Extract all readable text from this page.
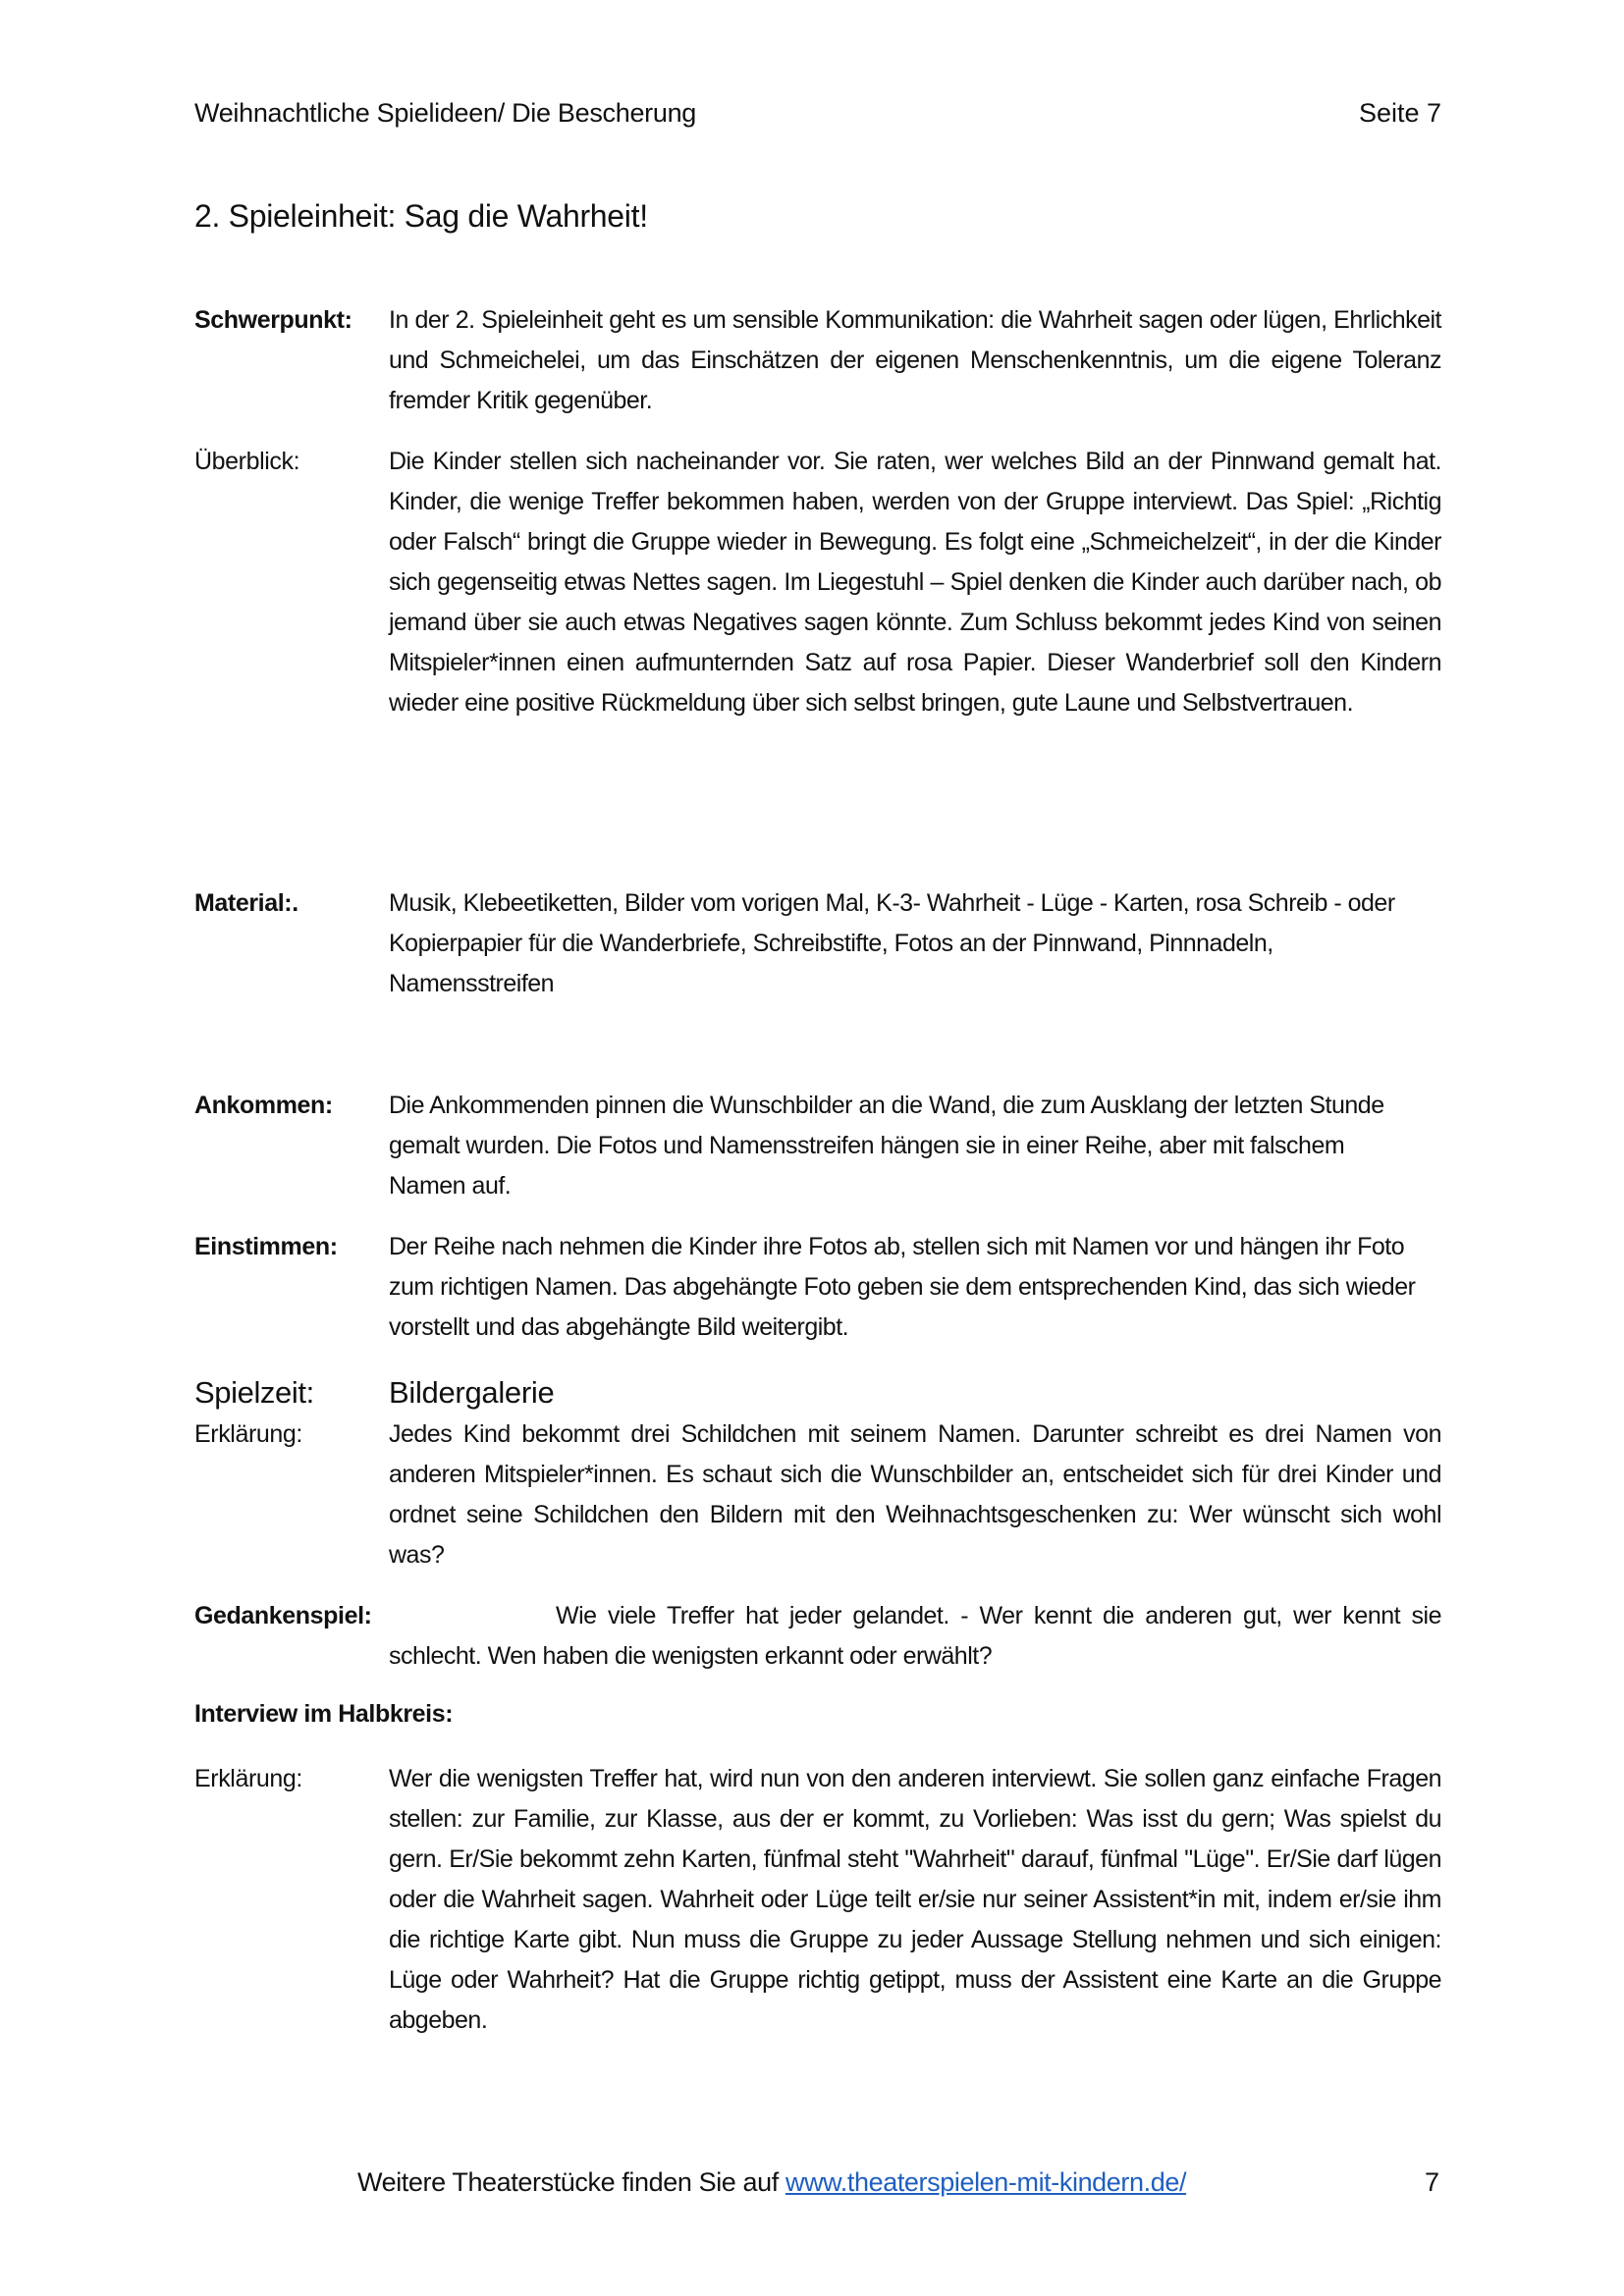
Weihnachtliche Spielideen/ Die Bescherung	Seite 7
2. Spieleinheit: Sag die Wahrheit!
Schwerpunkt: In der 2. Spieleinheit geht es um sensible Kommunikation: die Wahrheit sagen oder lügen, Ehrlichkeit und Schmeichelei, um das Einschätzen der eigenen Menschenkenntnis, um die eigene Toleranz fremder Kritik gegenüber.
Überblick:	Die Kinder stellen sich nacheinander vor. Sie raten, wer welches Bild an der Pinnwand gemalt hat. Kinder, die wenige Treffer bekommen haben, werden von der Gruppe interviewt. Das Spiel: „Richtig oder Falsch“ bringt die Gruppe wieder in Bewegung. Es folgt eine „Schmeichelzeit“, in der die Kinder sich gegenseitig etwas Nettes sagen. Im Liegestuhl – Spiel denken die Kinder auch darüber nach, ob jemand über sie auch etwas Negatives sagen könnte. Zum Schluss bekommt jedes Kind von seinen Mitspieler*innen einen aufmunternden Satz auf rosa Papier. Dieser Wanderbrief soll den Kindern wieder eine positive Rückmeldung über sich selbst bringen, gute Laune und Selbstvertrauen.
Material:.	Musik, Klebeetiketten, Bilder vom vorigen Mal, K-3- Wahrheit - Lüge - Karten, rosa Schreib - oder Kopierpapier für die Wanderbriefe, Schreibstifte, Fotos an der Pinnwand, Pinnnadeln, Namensstreifen
Ankommen: Die Ankommenden pinnen die Wunschbilder an die Wand, die zum Ausklang der letzten Stunde gemalt wurden. Die Fotos und Namensstreifen hängen sie in einer Reihe, aber mit falschem Namen auf.
Einstimmen: Der Reihe nach nehmen die Kinder ihre Fotos ab, stellen sich mit Namen vor und hängen ihr Foto zum richtigen Namen. Das abgehängte Foto geben sie dem entsprechenden Kind, das sich wieder vorstellt und das abgehängte Bild weitergibt.
Spielzeit: Bildergalerie
Erklärung:	Jedes Kind bekommt drei Schildchen mit seinem Namen. Darunter schreibt es drei Namen von anderen Mitspieler*innen. Es schaut sich die Wunschbilder an, entscheidet sich für drei Kinder und ordnet seine Schildchen den Bildern mit den Weihnachtsgeschenken zu: Wer wünscht sich wohl was?
Gedankenspiel:	Wie viele Treffer hat jeder gelandet. - Wer kennt die anderen gut, wer kennt sie schlecht. Wen haben die wenigsten erkannt oder erwählt?
Interview im Halbkreis:
Erklärung:	Wer die wenigsten Treffer hat, wird nun von den anderen interviewt. Sie sollen ganz einfache Fragen stellen: zur Familie, zur Klasse, aus der er kommt, zu Vorlieben: Was isst du gern; Was spielst du gern. Er/Sie bekommt zehn Karten, fünfmal steht "Wahrheit" darauf, fünfmal "Lüge". Er/Sie darf lügen oder die Wahrheit sagen. Wahrheit oder Lüge teilt er/sie nur seiner Assistent*in mit, indem er/sie ihm die richtige Karte gibt. Nun muss die Gruppe zu jeder Aussage Stellung nehmen und sich einigen: Lüge oder Wahrheit? Hat die Gruppe richtig getippt, muss der Assistent eine Karte an die Gruppe abgeben.
Weitere Theaterstücke finden Sie auf www.theaterspielen-mit-kindern.de/	7
